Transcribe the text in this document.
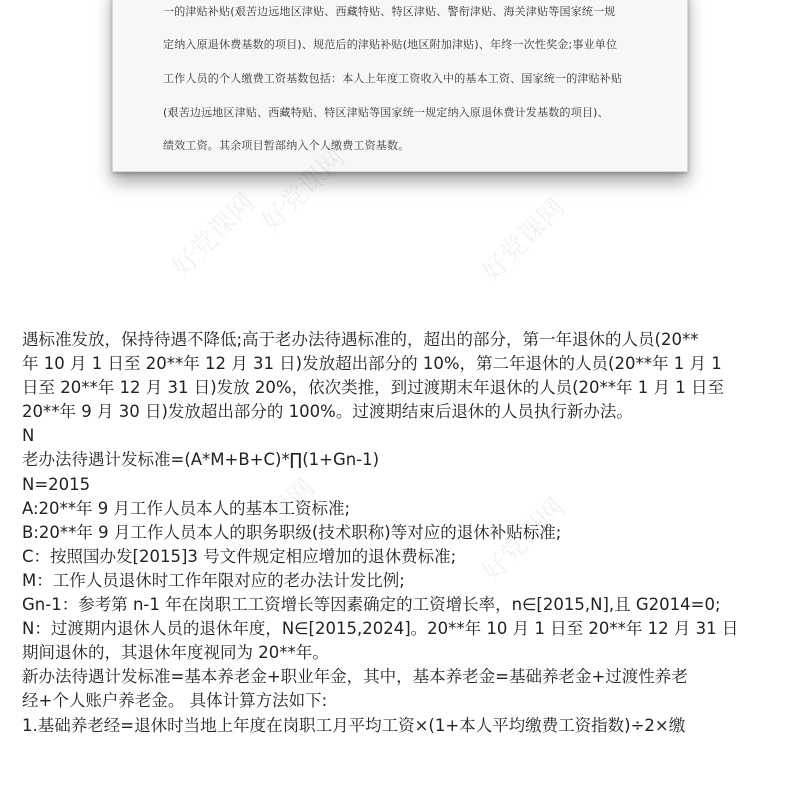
一的津贴补贴(艰苦边远地区津贴、西藏特贴、特区津贴、警衔津贴、海关津贴等国家统一规

定纳入原退休费基数的项目)、规范后的津贴补贴(地区附加津贴)、年终一次性奖金;事业单位

工作人员的个人缴费工资基数包括：本人上年度工资收入中的基本工资、国家统一的津贴补贴

(艰苦边远地区津贴、西藏特贴、特区津贴等国家统一规定纳入原退休费计发基数的项目)、

绩效工资。其余项目暂部纳入个人缴费工资基数。

好党课网
好党课网	好党课网
好党课网	好党课网

遇标准发放，保持待遇不降低;高于老办法待遇标准的，超出的部分，第一年退休的人员(20**

年 10 月 1 日至 20**年 12 月 31 日)发放超出部分的 10%，第二年退休的人员(20**年 1 月 1

日至 20**年 12 月 31 日)发放 20%，依次类推，到过渡期末年退休的人员(20**年 1 月 1 日至

20**年 9 月 30 日)发放超出部分的 100%。过渡期结束后退休的人员执行新办法。

N

老办法待遇计发标准=(A*M+B+C)*∏(1+Gn-1)

N=2015

A:20**年 9 月工作人员本人的基本工资标准;

B:20**年 9 月工作人员本人的职务职级(技术职称)等对应的退休补贴标准;

C：按照国办发[2015]3 号文件规定相应增加的退休费标准;

M：工作人员退休时工作年限对应的老办法计发比例;

Gn-1：参考第 n-1 年在岗职工工资增长等因素确定的工资增长率，n∈[2015,N],且 G2014=0;

N：过渡期内退休人员的退休年度，N∈[2015,2024]。20**年 10 月 1 日至 20**年 12 月 31 日

期间退休的，其退休年度视同为 20**年。

新办法待遇计发标准=基本养老金+职业年金，其中，基本养老金=基础养老金+过渡性养老

经+个人账户养老金。 具体计算方法如下:

1.基础养老经=退休时当地上年度在岗职工月平均工资×(1+本人平均缴费工资指数)÷2×缴
